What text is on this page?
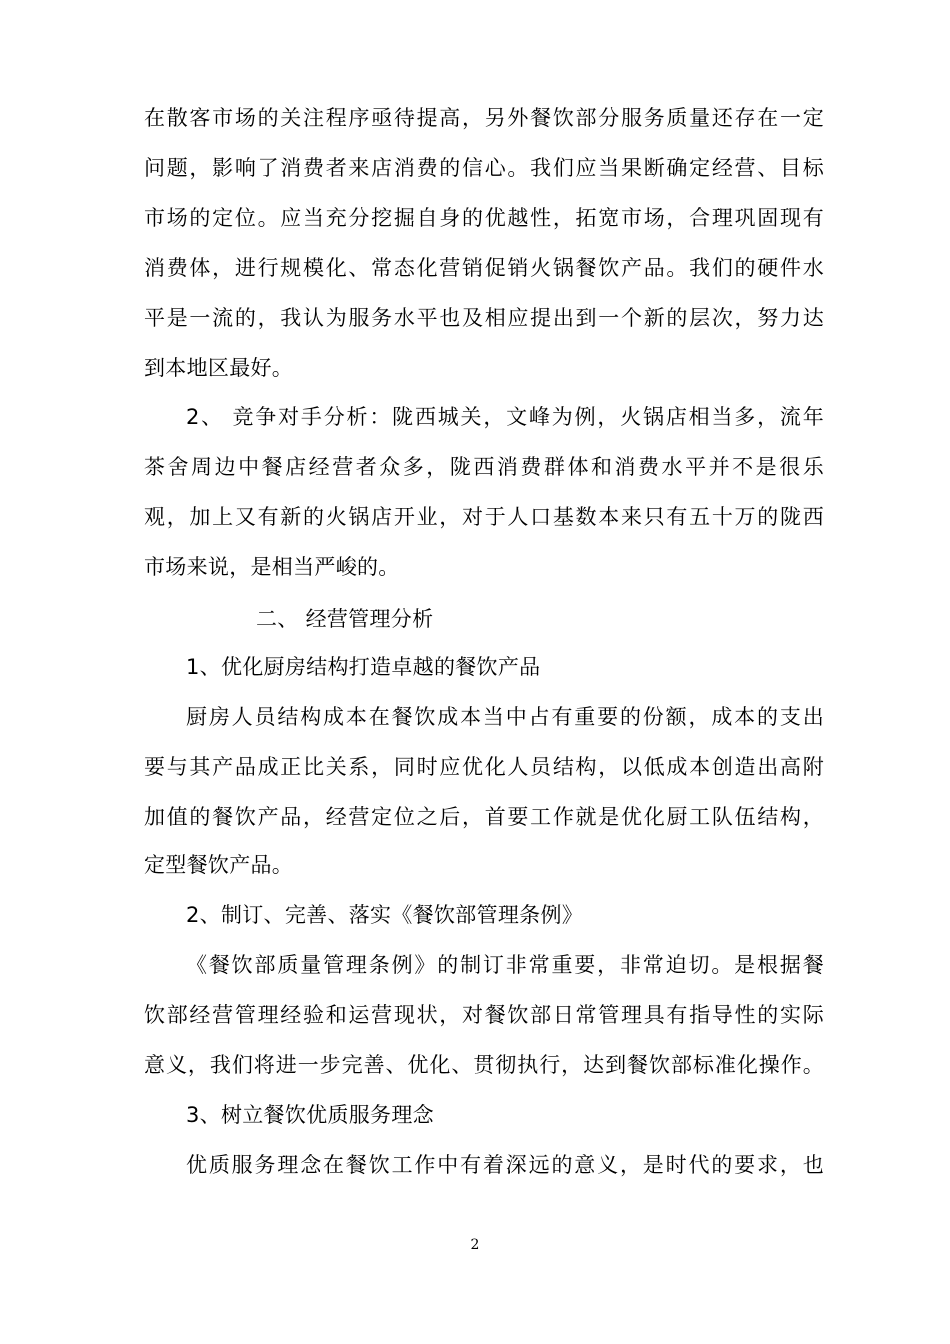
在散客市场的关注程序亟待提高，另外餐饮部分服务质量还存在一定
问题，影响了消费者来店消费的信心。我们应当果断确定经营、目标
市场的定位。应当充分挖掘自身的优越性，拓宽市场，合理巩固现有
消费体，进行规模化、常态化营销促销火锅餐饮产品。我们的硬件水
平是一流的，我认为服务水平也及相应提出到一个新的层次，努力达
到本地区最好。
2、 竞争对手分析：陇西城关，文峰为例，火锅店相当多，流年
茶舍周边中餐店经营者众多，陇西消费群体和消费水平并不是很乐
观，加上又有新的火锅店开业，对于人口基数本来只有五十万的陇西
市场来说，是相当严峻的。
二、 经营管理分析
1、优化厨房结构打造卓越的餐饮产品
厨房人员结构成本在餐饮成本当中占有重要的份额，成本的支出
要与其产品成正比关系，同时应优化人员结构，以低成本创造出高附
加值的餐饮产品，经营定位之后，首要工作就是优化厨工队伍结构，
定型餐饮产品。
2、制订、完善、落实《餐饮部管理条例》
《餐饮部质量管理条例》的制订非常重要，非常迫切。是根据餐
饮部经营管理经验和运营现状，对餐饮部日常管理具有指导性的实际
意义，我们将进一步完善、优化、贯彻执行，达到餐饮部标准化操作。
3、树立餐饮优质服务理念
优质服务理念在餐饮工作中有着深远的意义，是时代的要求，也
2
